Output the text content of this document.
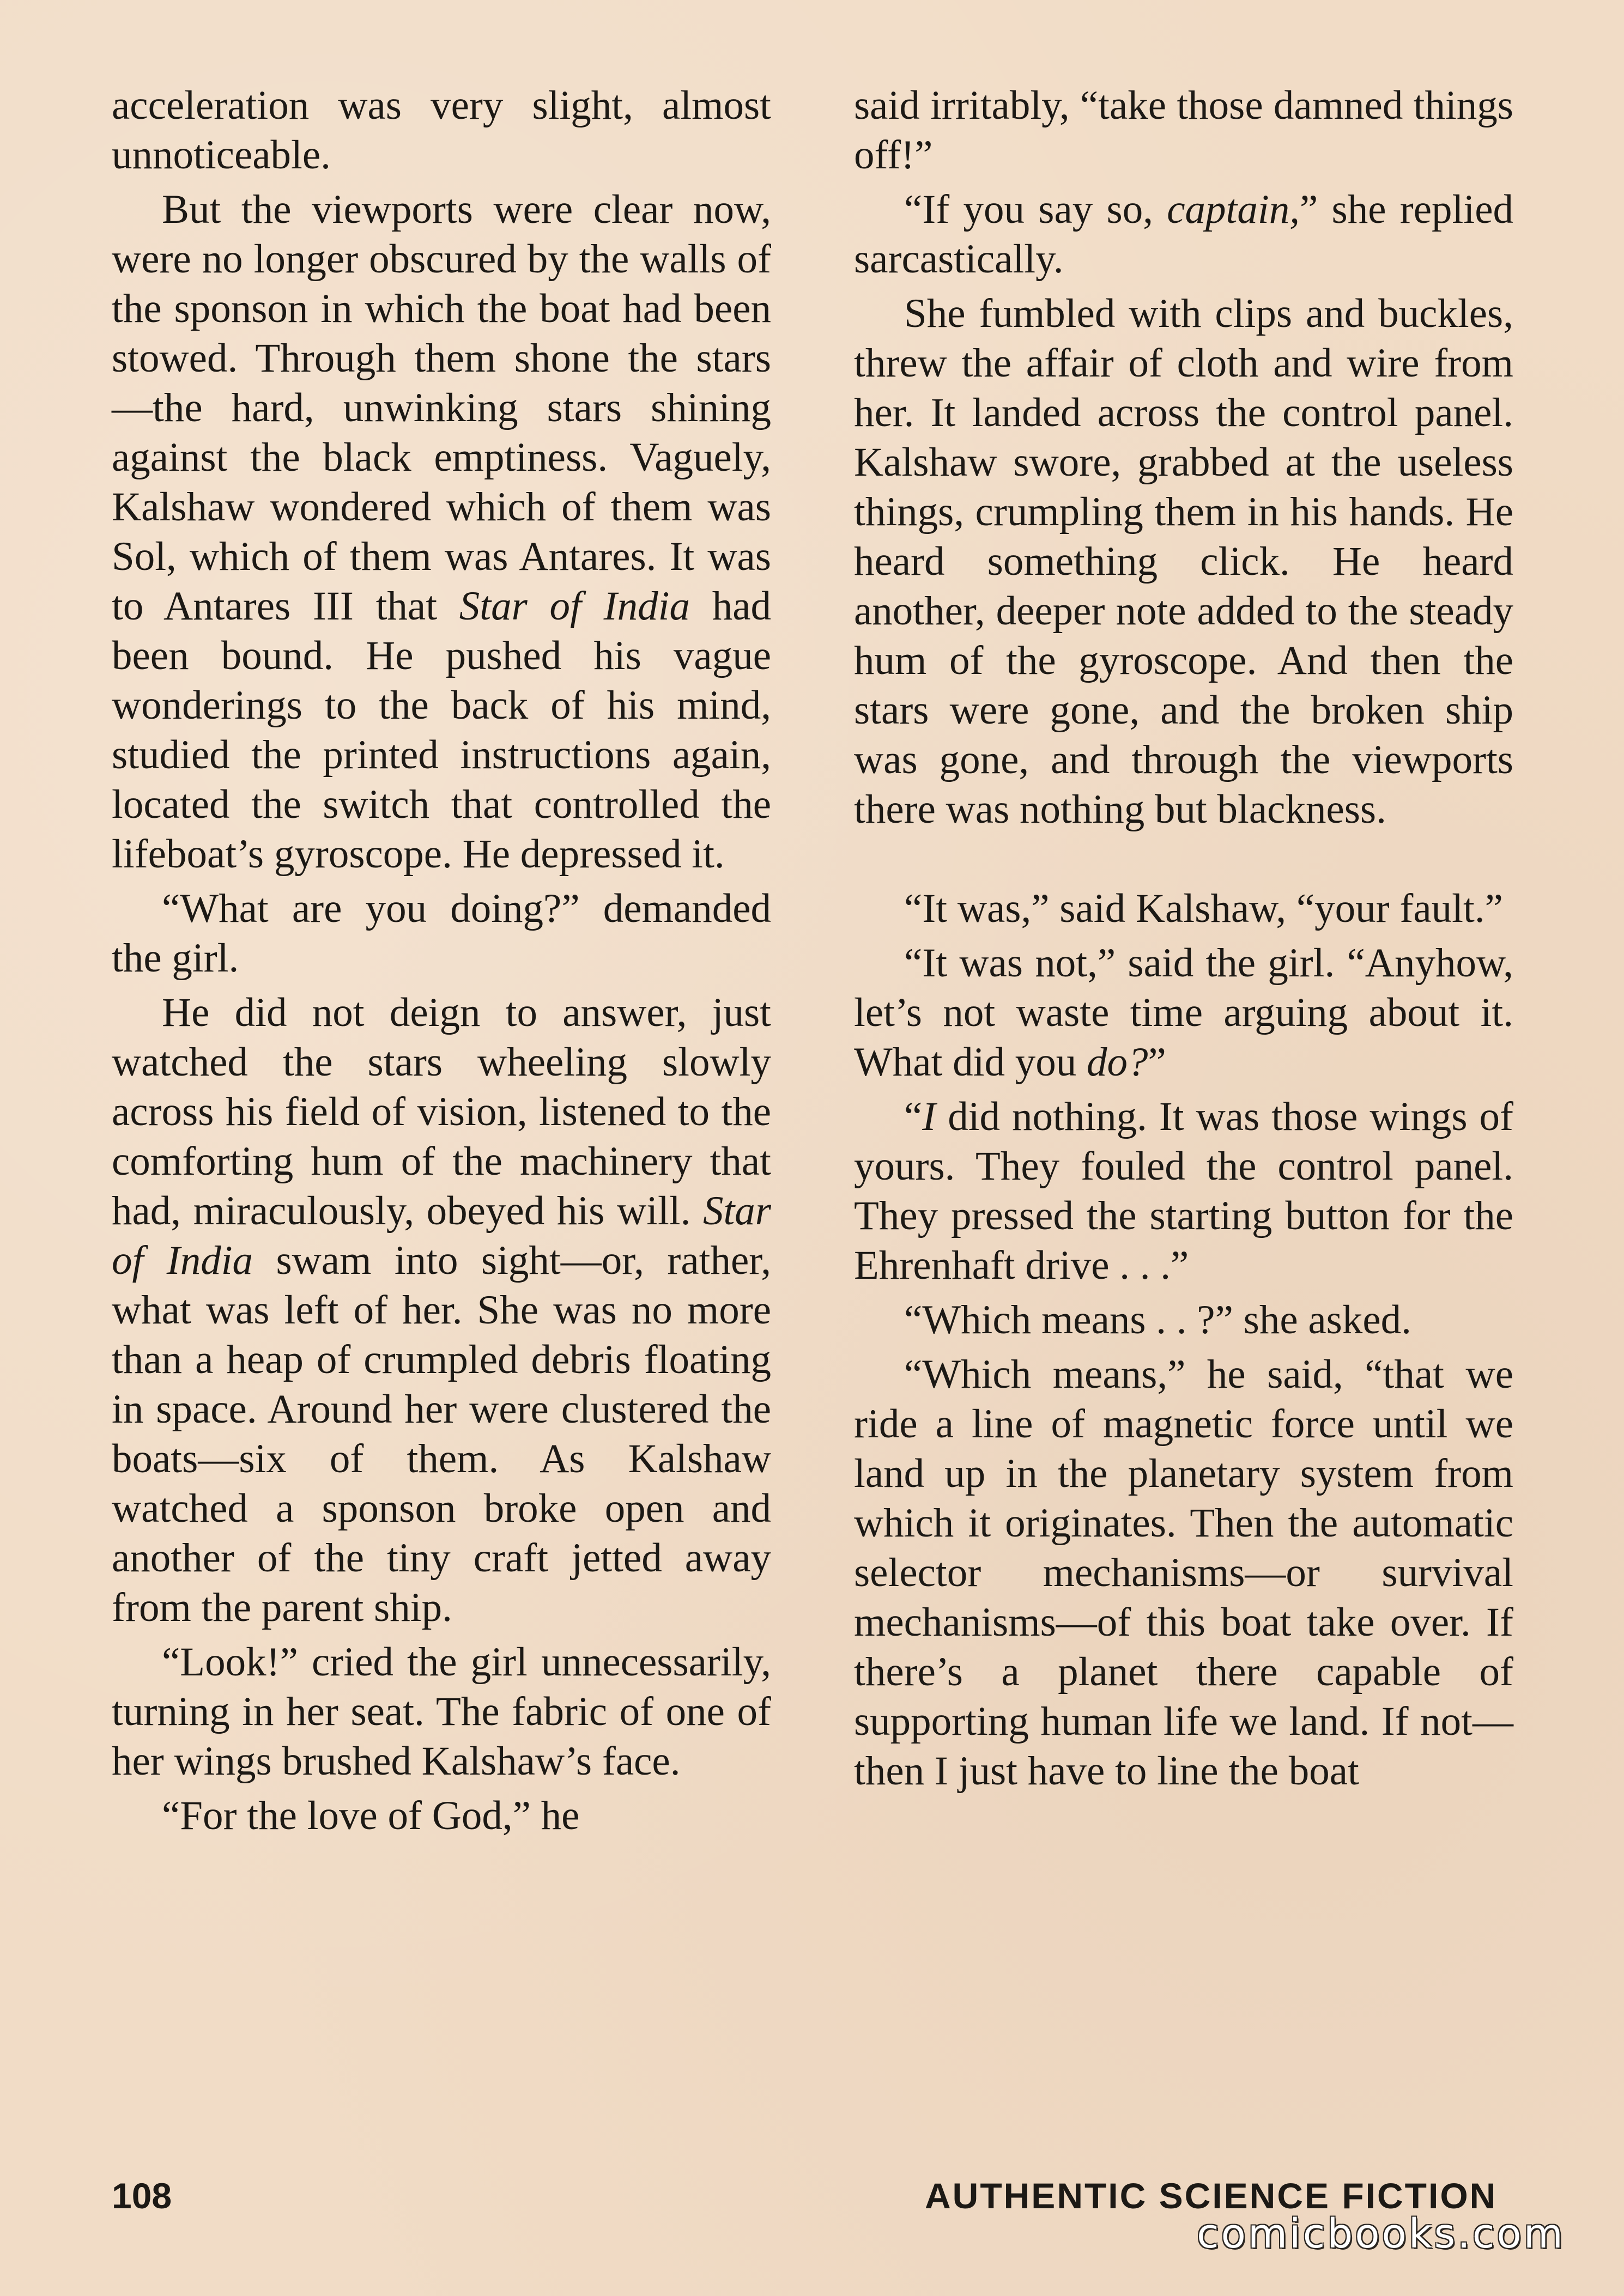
acceleration was very slight, almost unnoticeable.

But the viewports were clear now, were no longer obscured by the walls of the sponson in which the boat had been stowed. Through them shone the stars—the hard, unwinking stars shining against the black emptiness. Vaguely, Kalshaw wondered which of them was Sol, which of them was Antares. It was to Antares III that Star of India had been bound. He pushed his vague wonderings to the back of his mind, studied the printed instructions again, located the switch that controlled the lifeboat’s gyroscope. He depressed it.

“What are you doing?” demanded the girl.

He did not deign to answer, just watched the stars wheeling slowly across his field of vision, listened to the comforting hum of the machinery that had, miraculously, obeyed his will. Star of India swam into sight—or, rather, what was left of her. She was no more than a heap of crumpled debris floating in space. Around her were clustered the boats—six of them. As Kalshaw watched a sponson broke open and another of the tiny craft jetted away from the parent ship.

“Look!” cried the girl unnecessarily, turning in her seat. The fabric of one of her wings brushed Kalshaw’s face.

“For the love of God,” he

said irritably, “take those damned things off!”

“If you say so, captain,” she replied sarcastically.

She fumbled with clips and buckles, threw the affair of cloth and wire from her. It landed across the control panel. Kalshaw swore, grabbed at the useless things, crumpling them in his hands. He heard something click. He heard another, deeper note added to the steady hum of the gyroscope. And then the stars were gone, and the broken ship was gone, and through the viewports there was nothing but blackness.

“It was,” said Kalshaw, “your fault.”

“It was not,” said the girl. “Anyhow, let’s not waste time arguing about it. What did you do?”

“I did nothing. It was those wings of yours. They fouled the control panel. They pressed the starting button for the Ehrenhaft drive . . .”

“Which means . . ?” she asked.

“Which means,” he said, “that we ride a line of magnetic force until we land up in the planetary system from which it originates. Then the automatic selector mechanisms—or survival mechanisms—of this boat take over. If there’s a planet there capable of supporting human life we land. If not—then I just have to line the boat

108	AUTHENTIC SCIENCE FICTION
comicbooks.com
